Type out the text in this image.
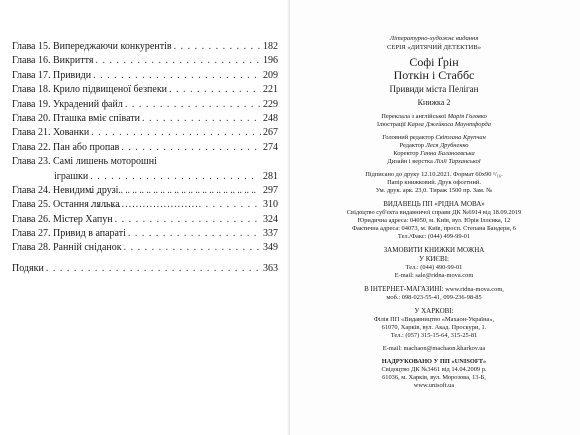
Глава 15. Випереджаючи конкурентів . . .	182
Глава 16. Викриття . . .	196
Глава 17. Привиди . . .	209
Глава 18. Крило підвищеної безпеки . . .	221
Глава 19. Украдений файл . . .	229
Глава 20. Пташка вміє співати . . .	248
Глава 21. Хованки . . .	267
Глава 22. Пан або пропав . . .	274
Глава 23. Самі лишень моторошні
іграшки . . .	281
Глава 24. Невидимі друзі . . .	297
Глава 25. Остання лялька . . .	310
Глава 26. Містер Хапун . . .	324
Глава 27. Привид в апараті . . .	337
Глава 28. Ранній сніданок . . .	349
Подяки . . .	363
Літературно-художнє видання
СЕРІЯ «ДИТЯЧИЙ ДЕТЕКТИВ»
Софі Ґрін
Поткін і Стаббс
Привиди міста Пеліган
Книжка 2
Переклала з англійської Марія Головко
Ілюстрації Карла Джейкоса Маунтфорда
Головний редактор Світлана Крупчан
Редактор Леся Друбненко
Коректор Ганна Баланоевська
Дизайн і верстка Лілії Тарханської
Підписано до друку 12.10.2021. Формат 60х90 ¹/₁₆.
Папір книжковий. Друк офсетний.
Ум. друк. арк. 23,0. Тираж 1500 пр. Зам. №
ВИДАВЕЦЬ ПП «РІДНА МОВА»
Свідоцтво суб'єкта видавничої справи ДК №6914 від 18.09.2019
Юридична адреса: 04050, м. Київ, вул. Юрія Іллєнка, 12
Фактична адреса: 04073, м. Київ, просп. Степана Бандери, 6
Тел./Факс: (044) 499-99-01
ЗАМОВИТИ КНИЖКИ МОЖНА
У КИЄВІ:
Тел.: (044) 490-99-01
E-mail: sale@ridna-mova.com
В ІНТЕРНЕТ-МАГАЗИНІ: www.ridna-mova.com,
моб.: 098-023-55-41, 099-236-98-85
У ХАРКОВІ:
Філія ПП «Видавництво «Махаон-Україна»,
61070, Харків, вул. Акад. Проскури, 1.
Тел.: (057) 315-15-64, 315-25-81
E-mail: machaon@machaon.kharkov.ua
НАДРУКОВАНО У ПП «UNISOFT»
Свідоцтво ДК №3461 від 14.04.2009 р.
61036, м. Харків, вул. Морозова, 13-Б,
www.unisoft.ua
